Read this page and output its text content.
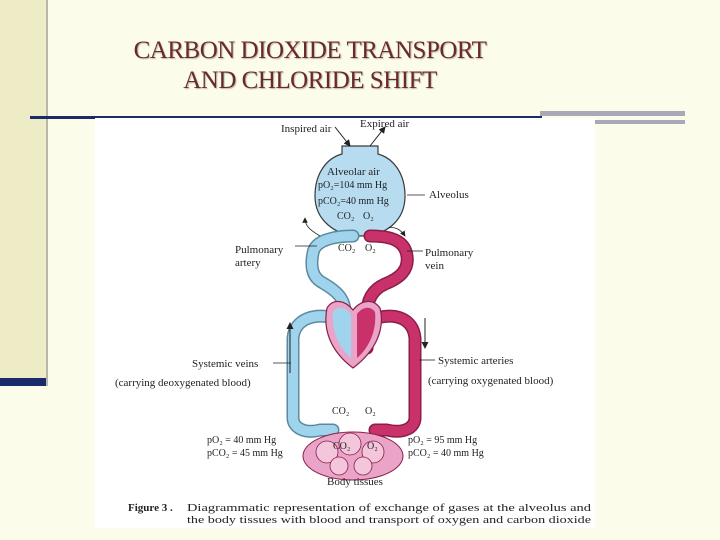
CARBON DIOXIDE TRANSPORT
AND CHLORIDE SHIFT
Inspired air	Expired air
Alveolar air
pO₂=104 mm Hg
pCO₂=40 mm Hg
CO₂ O₂
Alveolus
CO₂ O₂
Pulmonary
artery
Pulmonary
vein
Systemic veins
(carrying deoxygenated blood)
Systemic arteries
(carrying oxygenated blood)
CO₂ O₂
CO₂ O₂
pO₂ = 40 mm Hg
pCO₂ = 45 mm Hg
pO₂ = 95 mm Hg
pCO₂ = 40 mm Hg
Body tissues
Figure 3 . Diagrammatic representation of exchange of gases at the alveolus and
the body tissues with blood and transport of oxygen and carbon dioxide
